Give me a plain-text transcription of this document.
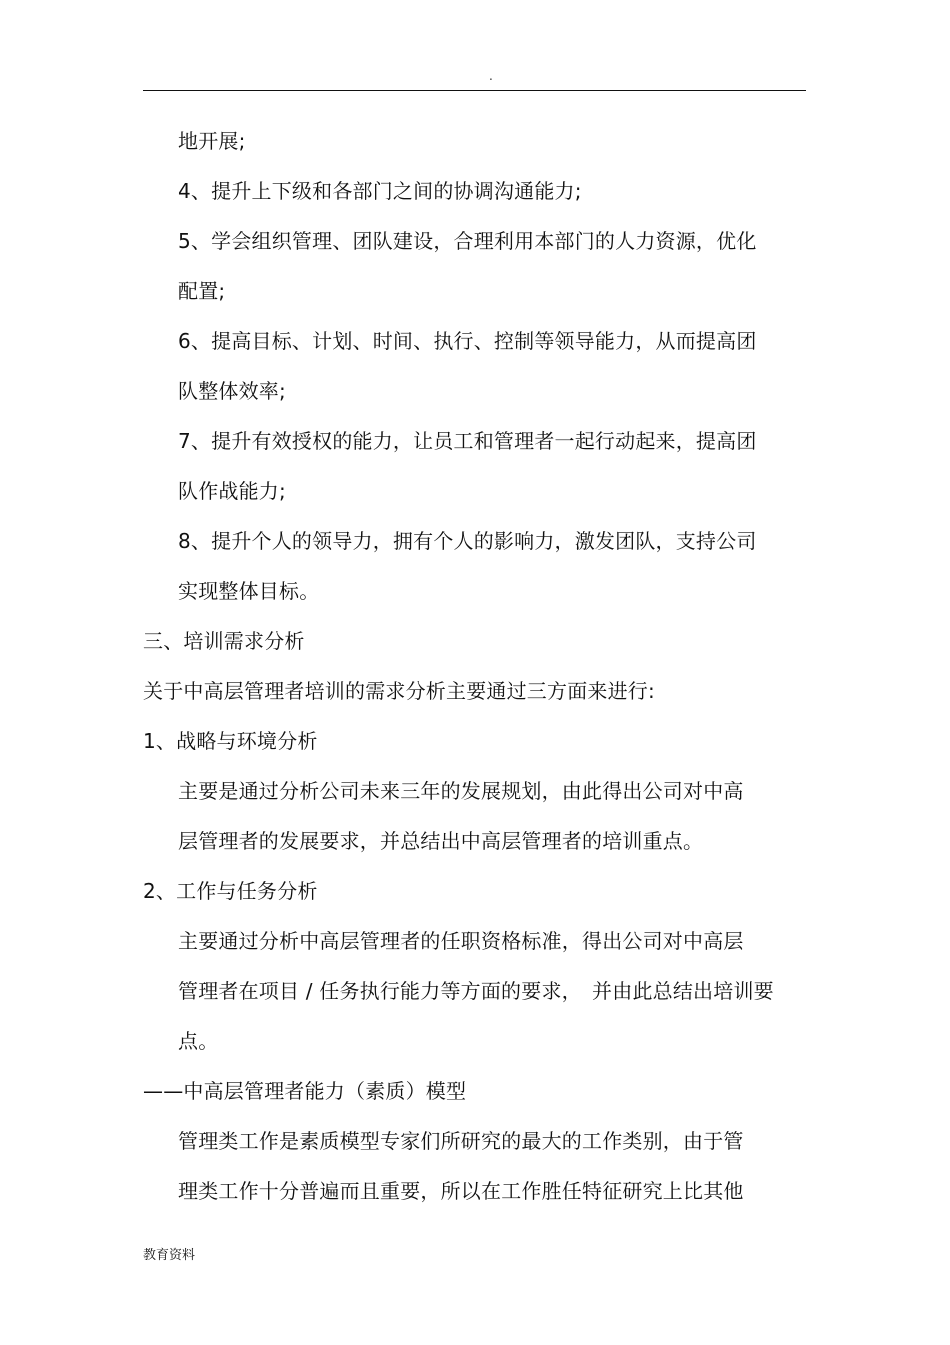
.
地开展;
4、提升上下级和各部门之间的协调沟通能力;
5、学会组织管理、团队建设，合理利用本部门的人力资源，优化
配置;
6、提高目标、计划、时间、执行、控制等领导能力，从而提高团
队整体效率;
7、提升有效授权的能力，让员工和管理者一起行动起来，提高团
队作战能力;
8、提升个人的领导力，拥有个人的影响力，激发团队，支持公司
实现整体目标。
三、培训需求分析
关于中高层管理者培训的需求分析主要通过三方面来进行:
1、战略与环境分析
主要是通过分析公司未来三年的发展规划，由此得出公司对中高
层管理者的发展要求，并总结出中高层管理者的培训重点。
2、工作与任务分析
主要通过分析中高层管理者的任职资格标准，得出公司对中高层
管理者在项目 / 任务执行能力等方面的要求，　并由此总结出培训要
点。
——中高层管理者能力（素质）模型
管理类工作是素质模型专家们所研究的最大的工作类别，由于管
理类工作十分普遍而且重要，所以在工作胜任特征研究上比其他
教育资料
